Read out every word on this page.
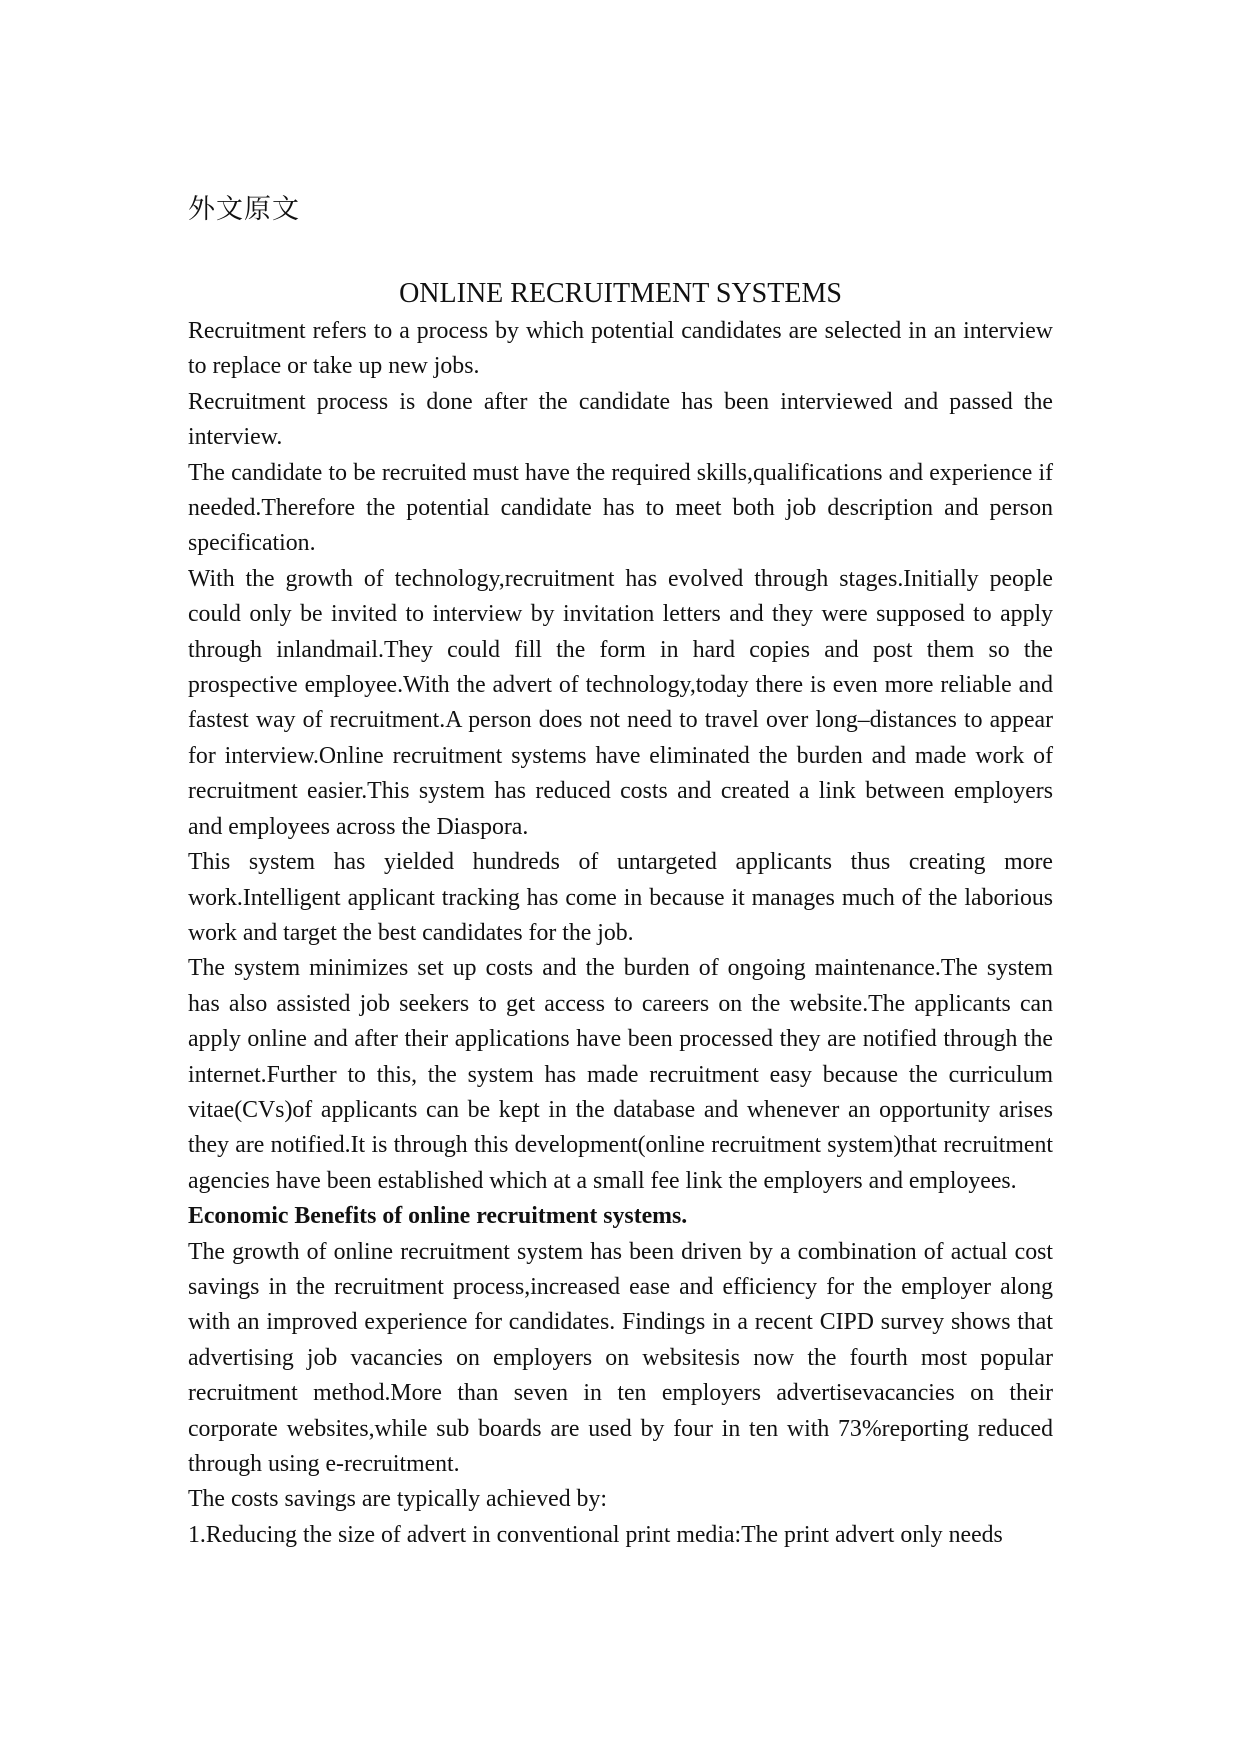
外文原文
ONLINE RECRUITMENT SYSTEMS

Recruitment refers to a process by which potential candidates are selected in an interview to replace or take up new jobs.

Recruitment process is done after the candidate has been interviewed and passed the interview.

The candidate to be recruited must have the required skills,qualifications and experience if needed.Therefore the potential candidate has to meet both job description and person specification.

With the growth of technology,recruitment has evolved through stages.Initially people could only be invited to interview by invitation letters and they were supposed to apply through inlandmail.They could fill the form in hard copies and post them so the prospective employee.With the advert of technology,today there is even more reliable and fastest way of recruitment.A person does not need to travel over long–distances to appear for interview.Online recruitment systems have eliminated the burden and made work of recruitment easier.This system has reduced costs and created a link between employers and employees across the Diaspora.

This system has yielded hundreds of untargeted applicants thus creating more work.Intelligent applicant tracking has come in because it manages much of the laborious work and target the best candidates for the job.

The system minimizes set up costs and the burden of ongoing maintenance.The system has also assisted job seekers to get access to careers on the website.The applicants can apply online and after their applications have been processed they are notified through the internet.Further to this, the system has made recruitment easy because the curriculum vitae(CVs)of applicants can be kept in the database and whenever an opportunity arises they are notified.It is through this development(online recruitment system)that recruitment agencies have been established which at a small fee link the employers and employees.

Economic Benefits of online recruitment systems.

The growth of online recruitment system has been driven by a combination of actual cost savings in the recruitment process,increased ease and efficiency for the employer along with an improved experience for candidates. Findings in a recent CIPD survey shows that advertising job vacancies on employers on websitesis now the fourth most popular recruitment method.More than seven in ten employers advertisevacancies on their corporate websites,while sub boards are used by four in ten with 73%reporting reduced through using e-recruitment.

The costs savings are typically achieved by:

1.Reducing the size of advert in conventional print media:The print advert only needs
